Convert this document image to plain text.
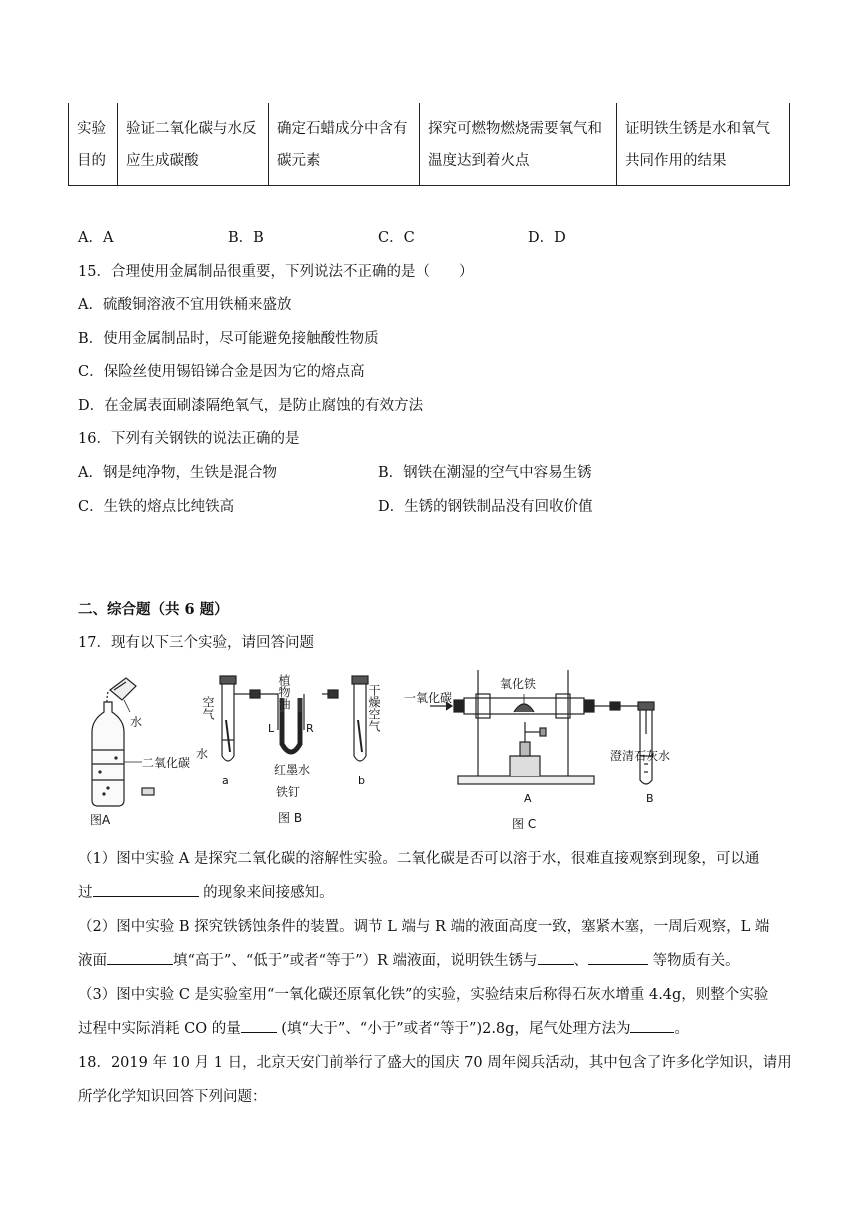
实验目的	验证二氧化碳与水反应生成碳酸	确定石蜡成分中含有碳元素	探究可燃物燃烧需要氧气和温度达到着火点	证明铁生锈是水和氧气共同作用的结果
A．A	B．B	C．C	D．D
15．合理使用金属制品很重要，下列说法不正确的是（　　）
A．硫酸铜溶液不宜用铁桶来盛放
B．使用金属制品时，尽可能避免接触酸性物质
C．保险丝使用锡铅锑合金是因为它的熔点高
D．在金属表面刷漆隔绝氧气，是防止腐蚀的有效方法
16．下列有关钢铁的说法正确的是
A．钢是纯净物，生铁是混合物	B．钢铁在潮湿的空气中容易生锈
C．生铁的熔点比纯铁高	D．生锈的钢铁制品没有回收价值
二、综合题（共 6 题）
17．现有以下三个实验，请回答问题
水
二氧化碳
图A
空气	植物油
L	R	干燥空气
水
a	b
红墨水
铁钉
图 B
一氧化碳
氧化铁
澄清石灰水
A	B
图 C
（1）图中实验 A 是探究二氧化碳的溶解性实验。二氧化碳是否可以溶于水，很难直接观察到现象，可以通
过	的现象来间接感知。
（2）图中实验 B 探究铁锈蚀条件的装置。调节 L 端与 R 端的液面高度一致，塞紧木塞，一周后观察，L 端
液面	填“高于”、“低于”或者“等于”）R 端液面，说明铁生锈与 、	等物质有关。
（3）图中实验 C 是实验室用“一氧化碳还原氧化铁”的实验，实验结束后称得石灰水增重 4.4g，则整个实验
过程中实际消耗 CO 的量 (填“大于”、“小于”或者“等于”)2.8g，尾气处理方法为	。
18．2019 年 10 月 1 日，北京天安门前举行了盛大的国庆 70 周年阅兵活动，其中包含了许多化学知识，请用
所学化学知识回答下列问题：
